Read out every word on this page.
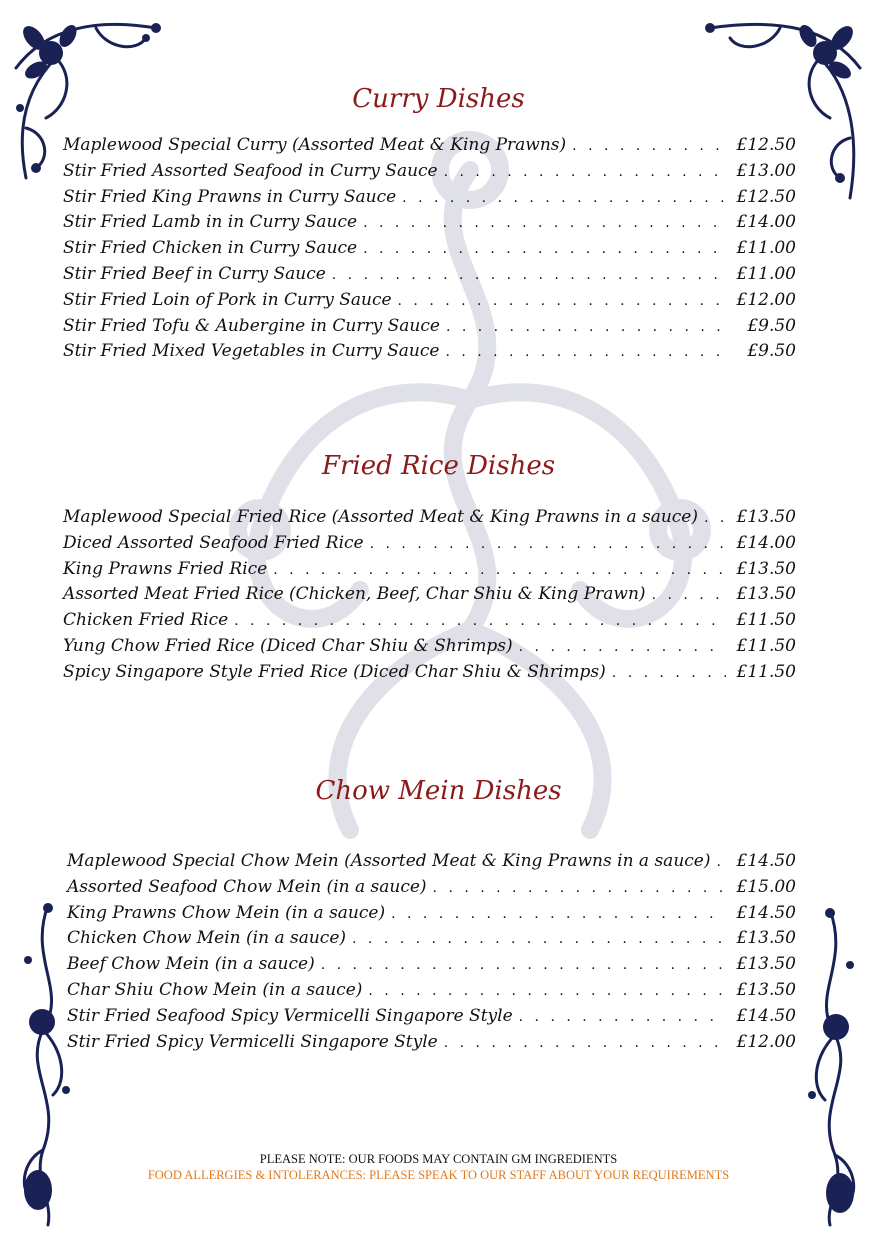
Curry Dishes
Maplewood Special Curry (Assorted Meat & King Prawns) . . .	£12.50
Stir Fried Assorted Seafood in Curry Sauce . . .	£13.00
Stir Fried King Prawns in Curry Sauce . . .	£12.50
Stir Fried Lamb in in Curry Sauce . . .	£14.00
Stir Fried Chicken in Curry Sauce . . .	£11.00
Stir Fried Beef in Curry Sauce . . .	£11.00
Stir Fried Loin of Pork in Curry Sauce . . .	£12.00
Stir Fried Tofu & Aubergine in Curry Sauce . . .	£9.50
Stir Fried Mixed Vegetables in Curry Sauce . . .	£9.50
Fried Rice Dishes
Maplewood Special Fried Rice (Assorted Meat & King Prawns in a sauce) . . . £13.50
Diced Assorted Seafood Fried Rice . . .	£14.00
King Prawns Fried Rice . . .	£13.50
Assorted Meat Fried Rice (Chicken, Beef, Char Shiu & King Prawn) . . .	£13.50
Chicken Fried Rice . . .	£11.50
Yung Chow Fried Rice (Diced Char Shiu & Shrimps) . . .	£11.50
Spicy Singapore Style Fried Rice (Diced Char Shiu & Shrimps) . . .	£11.50
Chow Mein Dishes
Maplewood Special Chow Mein (Assorted Meat & King Prawns in a sauce) . . . £14.50
Assorted Seafood Chow Mein (in a sauce) . . .	£15.00
King Prawns Chow Mein (in a sauce) . . .	£14.50
Chicken Chow Mein (in a sauce) . . .	£13.50
Beef Chow Mein (in a sauce) . . .	£13.50
Char Shiu Chow Mein (in a sauce) . . .	£13.50
Stir Fried Seafood Spicy Vermicelli Singapore Style . . .	£14.50
Stir Fried Spicy Vermicelli Singapore Style . . .	£12.00
PLEASE NOTE: OUR FOODS MAY CONTAIN GM INGREDIENTS
FOOD ALLERGIES & INTOLERANCES: PLEASE SPEAK TO OUR STAFF ABOUT YOUR REQUIREMENTS
